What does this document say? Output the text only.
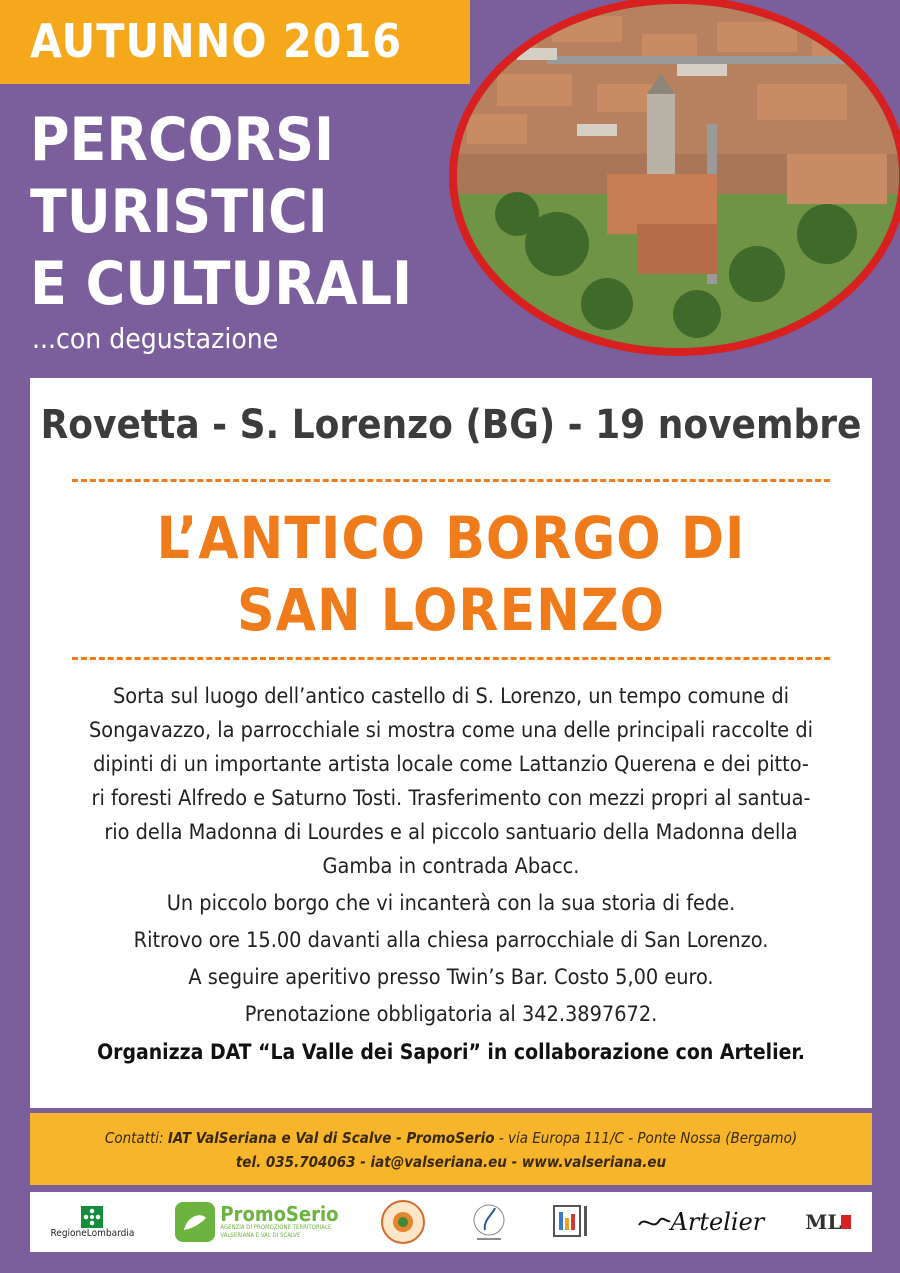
AUTUNNO 2016
PERCORSI
TURISTICI
E CULTURALI
...con degustazione
Rovetta - S. Lorenzo (BG) - 19 novembre
L’ANTICO BORGO DI
SAN LORENZO
Sorta sul luogo dell’antico castello di S. Lorenzo, un tempo comune di
Songavazzo, la parrocchiale si mostra come una delle principali raccolte di
dipinti di un importante artista locale come Lattanzio Querena e dei pitto-
ri foresti Alfredo e Saturno Tosti. Trasferimento con mezzi propri al santua-
rio della Madonna di Lourdes e al piccolo santuario della Madonna della
Gamba in contrada Abacc.
Un piccolo borgo che vi incanterà con la sua storia di fede.
Ritrovo ore 15.00 davanti alla chiesa parrocchiale di San Lorenzo.
A seguire aperitivo presso Twin’s Bar. Costo 5,00 euro.
Prenotazione obbligatoria al 342.3897672.
Organizza DAT “La Valle dei Sapori” in collaborazione con Artelier.
Contatti: IAT ValSeriana e Val di Scalve - PromoSerio - via Europa 111/C - Ponte Nossa (Bergamo)
tel. 035.704063 - iat@valseriana.eu - www.valseriana.eu
RegioneLombardia
PromoSerio
AGENZIA DI PROMOZIONE TERRITORIALE
VALSERIANA E VAL DI SCALVE	Artelier ML
